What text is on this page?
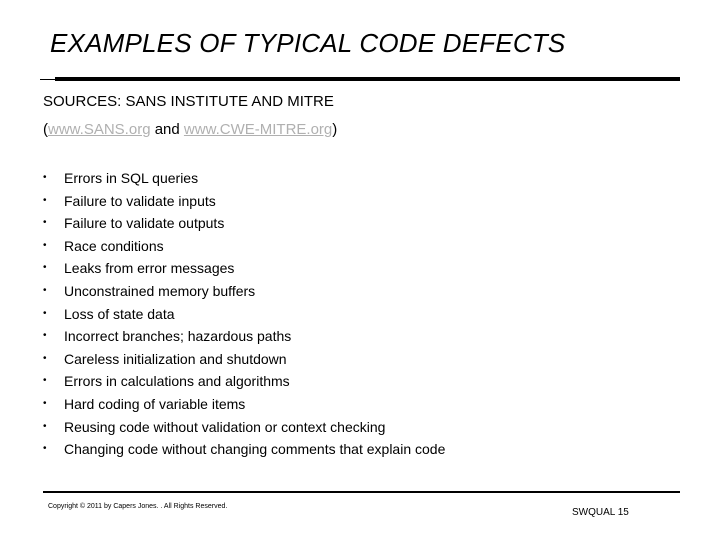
EXAMPLES OF TYPICAL CODE DEFECTS
SOURCES: SANS INSTITUTE AND MITRE
(www.SANS.org and www.CWE-MITRE.org)
• Errors in SQL queries
• Failure to validate inputs
• Failure to validate outputs
• Race conditions
• Leaks from error messages
• Unconstrained memory buffers
• Loss of state data
• Incorrect branches; hazardous paths
• Careless initialization and shutdown
• Errors in calculations and algorithms
• Hard coding of variable items
• Reusing code without validation or context checking
• Changing code without changing comments that explain code
Copyright © 2011 by Capers Jones. . All Rights Reserved.
SWQUAL 15
